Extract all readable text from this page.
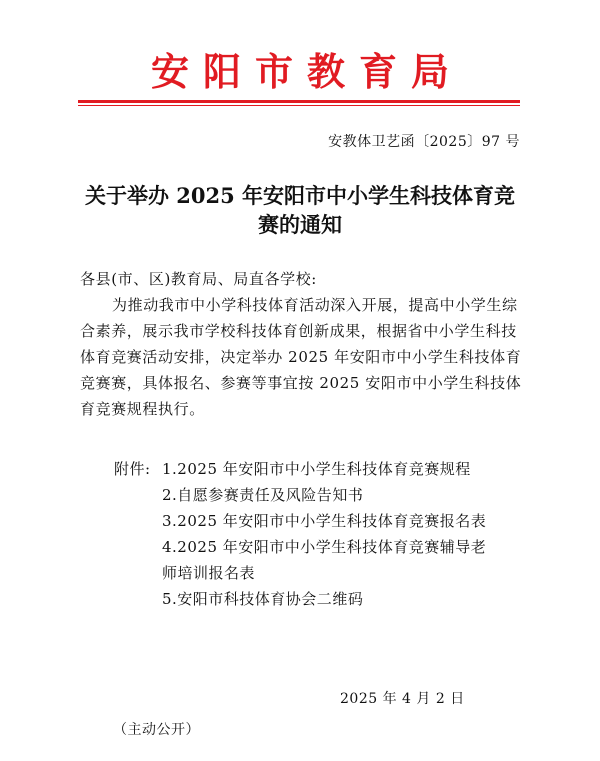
安阳市教育局
安教体卫艺函〔2025〕97 号
关于举办 2025 年安阳市中小学生科技体育竞
赛的通知
各县(市、区)教育局、局直各学校:
为推动我市中小学科技体育活动深入开展，提高中小学生综
合素养，展示我市学校科技体育创新成果，根据省中小学生科技
体育竞赛活动安排，决定举办 2025 年安阳市中小学生科技体育
竞赛赛，具体报名、参赛等事宜按 2025 安阳市中小学生科技体
育竞赛规程执行。
附件: 1.2025 年安阳市中小学生科技体育竞赛规程
2.自愿参赛责任及风险告知书
3.2025 年安阳市中小学生科技体育竞赛报名表
4.2025 年安阳市中小学生科技体育竞赛辅导老
师培训报名表
5.安阳市科技体育协会二维码
2025 年 4 月 2 日
（主动公开）
